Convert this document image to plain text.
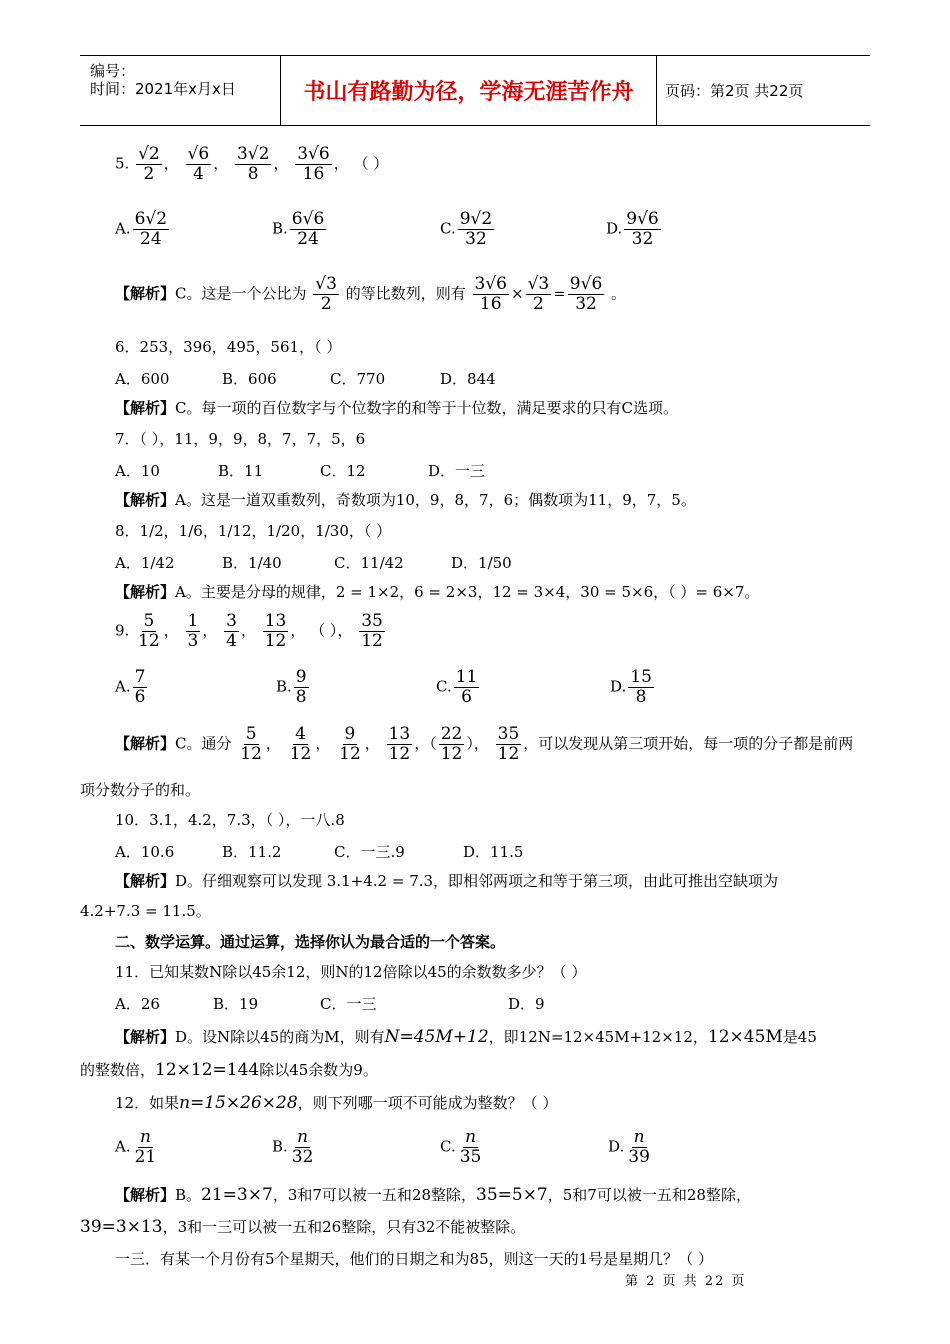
编号：
时间：2021年x月x日	书山有路勤为径，学海无涯苦作舟	页码：第2页 共22页
5. $\frac{√2}{2}$ ， $\frac{√6}{4}$ ， $\frac{3√2}{8}$ ， $\frac{3√6}{16}$ ， （ ）
A. $\frac{6√2}{24}$	B. $\frac{6√6}{24}$	C. $\frac{9√2}{32}$	D. $\frac{9√6}{32}$
【解析】C。这是一个公比为 $\frac{√3}{2}$ 的等比数列，则有 $\frac{3√6}{16} \times \frac{√3}{2} = \frac{9√6}{32}$ 。
6．253，396，495，561，（ ）
A．600	B．606	C．770	D．844
【解析】C。每一项的百位数字与个位数字的和等于十位数，满足要求的只有C选项。
7．（ ），11，9，9，8，7，7，5，6
A．10	B．11	C．12	D．一三
【解析】A。这是一道双重数列，奇数项为10，9，8，7，6；偶数项为11，9，7，5。
8．1/2，1/6，1/12，1/20，1/30，（ ）
A．1/42	B．1/40	C．11/42	D．1/50
【解析】A。主要是分母的规律，2 = 1×2，6 = 2×3，12 = 3×4，30 = 5×6，（ ）= 6×7。
9. $\frac{5}{12}$ ， $\frac{1}{3}$ ， $\frac{3}{4}$ ， $\frac{13}{12}$ ， （ ）， $\frac{35}{12}$
A. $\frac{7}{6}$	B. $\frac{9}{8}$	C. $\frac{11}{6}$	D. $\frac{15}{8}$
【解析】C。通分 $\frac{5}{12}$ ， $\frac{4}{12}$ ， $\frac{9}{12}$ ， $\frac{13}{12}$ ，（ $\frac{22}{12}$ ）， $\frac{35}{12}$ ，可以发现从第三项开始，每一项的分子都是前两
项分数分子的和。
10．3.1，4.2，7.3，（ ），一八.8
A．10.6	B．11.2	C．一三.9	D．11.5
【解析】D。仔细观察可以发现 3.1+4.2 = 7.3，即相邻两项之和等于第三项，由此可推出空缺项为
4.2+7.3 = 11.5。
二、数学运算。通过运算，选择你认为最合适的一个答案。
11．已知某数N除以45余12，则N的12倍除以45的余数数多少？（ ）
A．26	B．19	C．一三	D．9
【解析】D。设N除以45的商为M，则有N=45M+12，即12N=12×45M+12×12，12×45M是45
的整数倍，12×12=144除以45余数为9。
12．如果n=15×26×28，则下列哪一项不可能成为整数？（ ）
A. $\frac{n}{21}$	B. $\frac{n}{32}$	C. $\frac{n}{35}$	D. $\frac{n}{39}$
【解析】B。21=3×7，3和7可以被一五和28整除，35=5×7，5和7可以被一五和28整除，
39=3×13，3和一三可以被一五和26整除，只有32不能被整除。
一三．有某一个月份有5个星期天，他们的日期之和为85，则这一天的1号是星期几？（ ）
第 2 页 共 22 页
